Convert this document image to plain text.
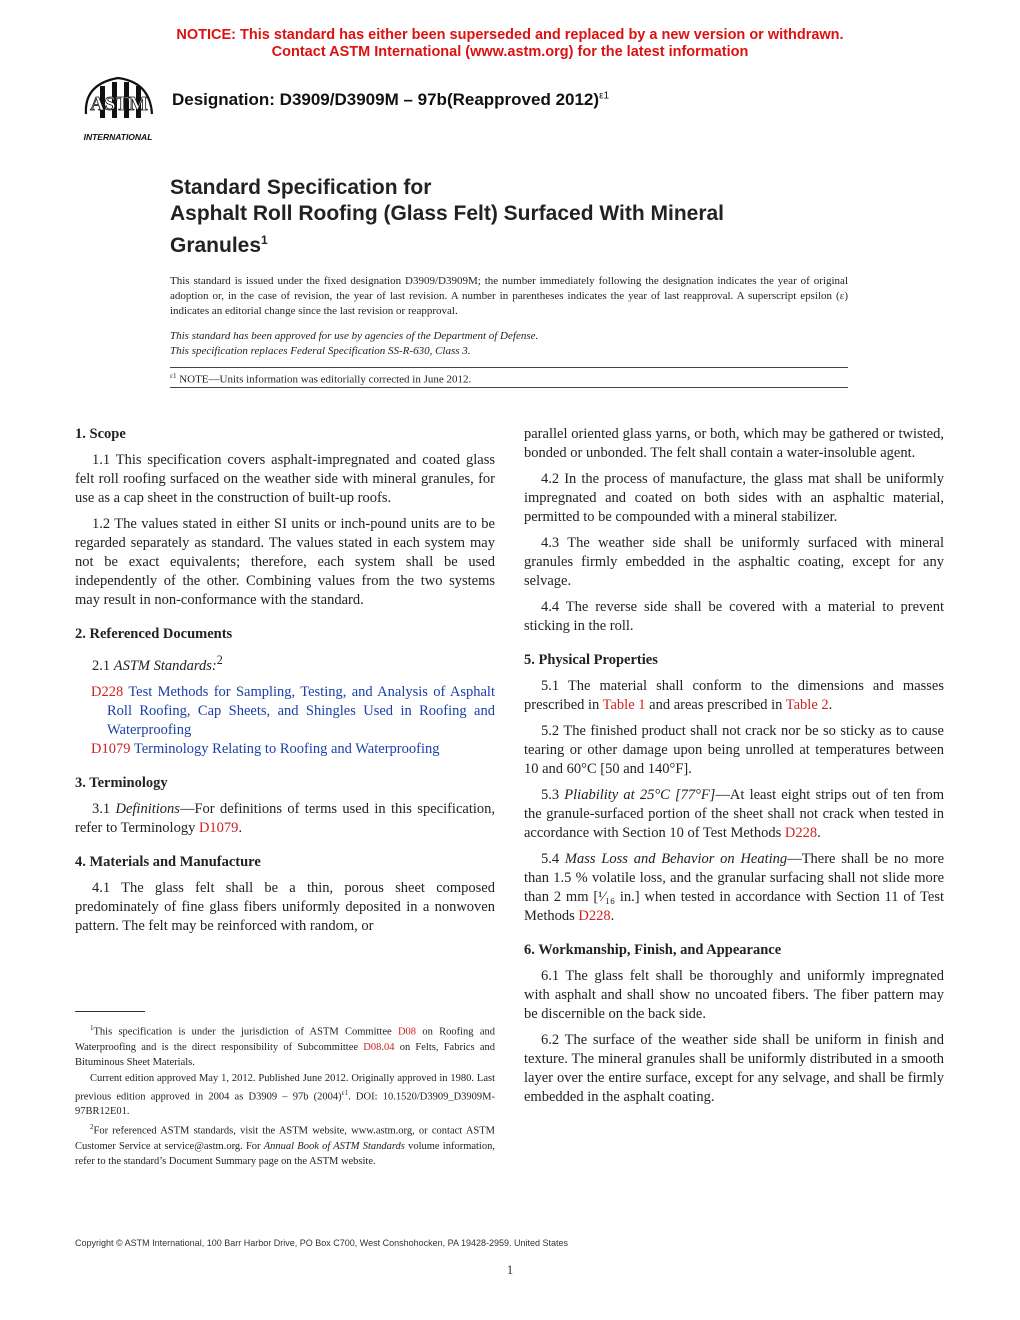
NOTICE: This standard has either been superseded and replaced by a new version or withdrawn.
Contact ASTM International (www.astm.org) for the latest information
ASTM
INTERNATIONAL
Designation: D3909/D3909M – 97b(Reapproved 2012)$^{\varepsilon 1}$
Standard Specification for
Asphalt Roll Roofing (Glass Felt) Surfaced With Mineral
Granules$^1$
This standard is issued under the fixed designation D3909/D3909M; the number immediately following the designation indicates the year of original adoption or, in the case of revision, the year of last revision. A number in parentheses indicates the year of last reapproval. A superscript epsilon (ε) indicates an editorial change since the last revision or reapproval.
This standard has been approved for use by agencies of the Department of Defense.
This specification replaces Federal Specification SS-R-630, Class 3.
$^{\varepsilon 1}$ NOTE—Units information was editorially corrected in June 2012.
1. Scope

1.1 This specification covers asphalt-impregnated and coated glass felt roll roofing surfaced on the weather side with mineral granules, for use as a cap sheet in the construction of built-up roofs.

1.2 The values stated in either SI units or inch-pound units are to be regarded separately as standard. The values stated in each system may not be exact equivalents; therefore, each system shall be used independently of the other. Combining values from the two systems may result in non-conformance with the standard.

2. Referenced Documents

2.1 ASTM Standards:$^2$

D228 Test Methods for Sampling, Testing, and Analysis of Asphalt Roll Roofing, Cap Sheets, and Shingles Used in Roofing and Waterproofing
D1079 Terminology Relating to Roofing and Waterproofing
3. Terminology

3.1 Definitions—For definitions of terms used in this specification, refer to Terminology D1079.

4. Materials and Manufacture

4.1 The glass felt shall be a thin, porous sheet composed predominately of fine glass fibers uniformly deposited in a nonwoven pattern. The felt may be reinforced with random, or

$^1$This specification is under the jurisdiction of ASTM Committee D08 on Roofing and Waterproofing and is the direct responsibility of Subcommittee D08.04 on Felts, Fabrics and Bituminous Sheet Materials.

Current edition approved May 1, 2012. Published June 2012. Originally approved in 1980. Last previous edition approved in 2004 as D3909 – 97b $(2004)^{\varepsilon 1}$. DOI: 10.1520/D3909_D3909M-97BR12E01.

$^2$For referenced ASTM standards, visit the ASTM website, www.astm.org, or contact ASTM Customer Service at service@astm.org. For Annual Book of ASTM Standards volume information, refer to the standard’s Document Summary page on the ASTM website.

parallel oriented glass yarns, or both, which may be gathered or twisted, bonded or unbonded. The felt shall contain a water-insoluble agent.

4.2 In the process of manufacture, the glass mat shall be uniformly impregnated and coated on both sides with an asphaltic material, permitted to be compounded with a mineral stabilizer.

4.3 The weather side shall be uniformly surfaced with mineral granules firmly embedded in the asphaltic coating, except for any selvage.

4.4 The reverse side shall be covered with a material to prevent sticking in the roll.

5. Physical Properties

5.1 The material shall conform to the dimensions and masses prescribed in Table 1 and areas prescribed in Table 2.

5.2 The finished product shall not crack nor be so sticky as to cause tearing or other damage upon being unrolled at temperatures between 10 and 60°C [50 and 140°F].

5.3 Pliability at 25°C [77°F]—At least eight strips out of ten from the granule-surfaced portion of the sheet shall not crack when tested in accordance with Section 10 of Test Methods D228.

5.4 Mass Loss and Behavior on Heating—There shall be no more than 1.5 % volatile loss, and the granular surfacing shall not slide more than 2 mm [¹⁄₁₆ in.] when tested in accordance with Section 11 of Test Methods D228.

6. Workmanship, Finish, and Appearance

6.1 The glass felt shall be thoroughly and uniformly impregnated with asphalt and shall show no uncoated fibers. The fiber pattern may be discernible on the back side.

6.2 The surface of the weather side shall be uniform in finish and texture. The mineral granules shall be uniformly distributed in a smooth layer over the entire surface, except for any selvage, and shall be firmly embedded in the asphalt coating.

Copyright © ASTM International, 100 Barr Harbor Drive, PO Box C700, West Conshohocken, PA 19428-2959. United States
1
